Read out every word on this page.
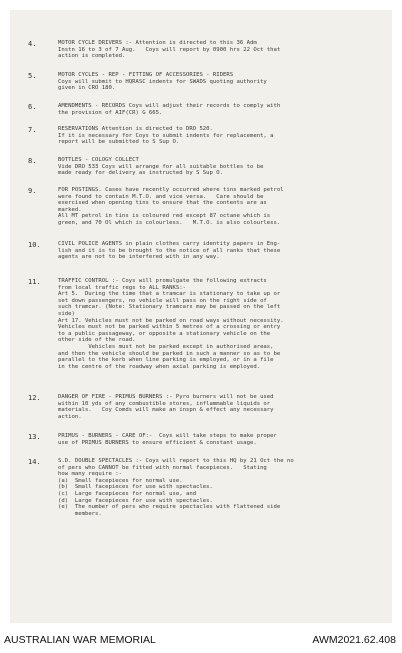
4.	MOTOR CYCLE DRIVERS :- Attention is directed to this 36 Adm
Instn 16 to 3 of 7 Aug.   Coys will report by 0900 hrs 22 Oct that
action is completed.
5.	MOTOR CYCLES - REP - FITTING OF ACCESSORIES - RIDERS
Coys will submit to HQRASC indents for SWADS quoting authority
given in CRO 180.
6.	AMENDMENTS - RECORDS Coys will adjust their records to comply with
the provision of AIF(CR) G 665.
7.	RESERVATIONS Attention is directed to DRO 520.
If it is necessary for Coys to submit indents for replacement, a
report will be submitted to S Sup O.
8.	BOTTLES - COLOGY COLLECT
Vide DRO 533 Coys will arrange for all suitable bottles to be
made ready for delivery as instructed by S Sup O.
9.	FOR POSTINGS. Cases have recently occurred where tins marked petrol
were found to contain M.T.O. and vice versa.   Care should be
exercised when opening tins to ensure that the contents are as
marked.
All MT petrol in tins is coloured red except 87 octane which is
green, and 70 Ol which is colourless.   M.T.O. is also colourless.
10.	CIVIL POLICE AGENTS in plain clothes carry identity papers in Eng-
lish and it is to be brought to the notice of all ranks that these
agents are not to be interfered with in any way.
11.	TRAFFIC CONTROL :- Coys will promulgate the following extracts
from local traffic regs to ALL RANKS:-
Art 5.  During the time that a tramcar is stationary to take up or
set down passengers, no vehicle will pass on the right side of
such tramcar. (Note: Stationary tramcars may be passed on the left
side)
Art 17. Vehicles must not be parked on road ways without necessity.
Vehicles must not be parked within 5 metres of a crossing or entry
to a public passageway, or opposite a stationary vehicle on the
other side of the road.
Vehicles must not be parked except in authorised areas,
and then the vehicle should be parked in such a manner so as to be
parallel to the kerb when line parking is employed, or in a file
in the centre of the roadway when axial parking is employed.
12.	DANGER OF FIRE - PRIMUS BURNERS :- Pyro burners will not be used
within 10 yds of any combustible stores, inflammable liquids or
materials.   Coy Comds will make an inspn & effect any necessary
action.
13.	PRIMUS - BURNERS - CARE OF:-  Coys will take steps to make proper
use of PRIMUS BURNERS to ensure efficient & constant usage.
14.	S.D. DOUBLE SPECTACLES :- Coys will report to this HQ by 21 Oct the no
of pers who CANNOT be fitted with normal facepieces.   Stating
how many require :-
(a)  Small facepieces for normal use.
(b)  Small facepieces for use with spectacles.
(c)  Large facepieces for normal use, and
(d)  Large facepieces for use with spectacles.
(e)  The number of pers who require spectacles with flattened side
members.
AUSTRALIAN WAR MEMORIAL	AWM2021.62.408
